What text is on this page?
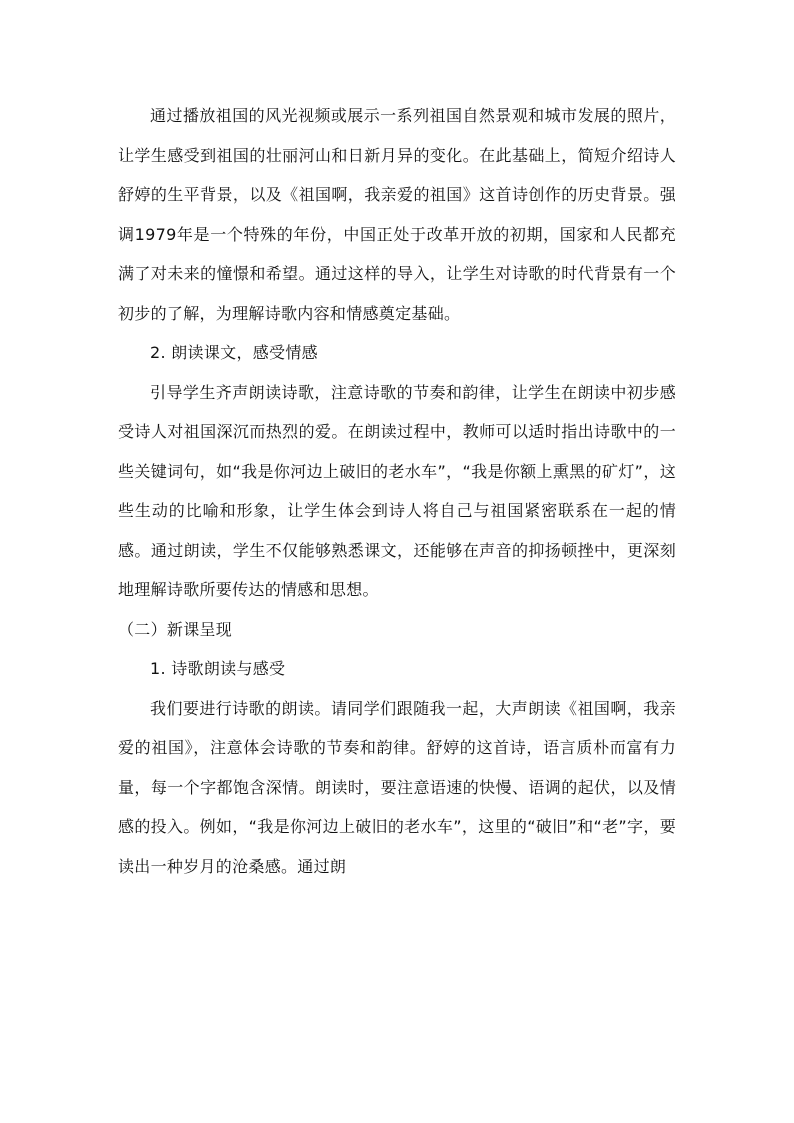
通过播放祖国的风光视频或展示一系列祖国自然景观和城市发展的照片，让学生感受到祖国的壮丽河山和日新月异的变化。在此基础上，简短介绍诗人舒婷的生平背景，以及《祖国啊，我亲爱的祖国》这首诗创作的历史背景。强调1979年是一个特殊的年份，中国正处于改革开放的初期，国家和人民都充满了对未来的憧憬和希望。通过这样的导入，让学生对诗歌的时代背景有一个初步的了解，为理解诗歌内容和情感奠定基础。

2. 朗读课文，感受情感

引导学生齐声朗读诗歌，注意诗歌的节奏和韵律，让学生在朗读中初步感受诗人对祖国深沉而热烈的爱。在朗读过程中，教师可以适时指出诗歌中的一些关键词句，如“我是你河边上破旧的老水车”，“我是你额上熏黑的矿灯”，这些生动的比喻和形象，让学生体会到诗人将自己与祖国紧密联系在一起的情感。通过朗读，学生不仅能够熟悉课文，还能够在声音的抑扬顿挫中，更深刻地理解诗歌所要传达的情感和思想。

（二）新课呈现

1. 诗歌朗读与感受

我们要进行诗歌的朗读。请同学们跟随我一起，大声朗读《祖国啊，我亲爱的祖国》，注意体会诗歌的节奏和韵律。舒婷的这首诗，语言质朴而富有力量，每一个字都饱含深情。朗读时，要注意语速的快慢、语调的起伏，以及情感的投入。例如，“我是你河边上破旧的老水车”，这里的“破旧”和“老”字，要读出一种岁月的沧桑感。通过朗
